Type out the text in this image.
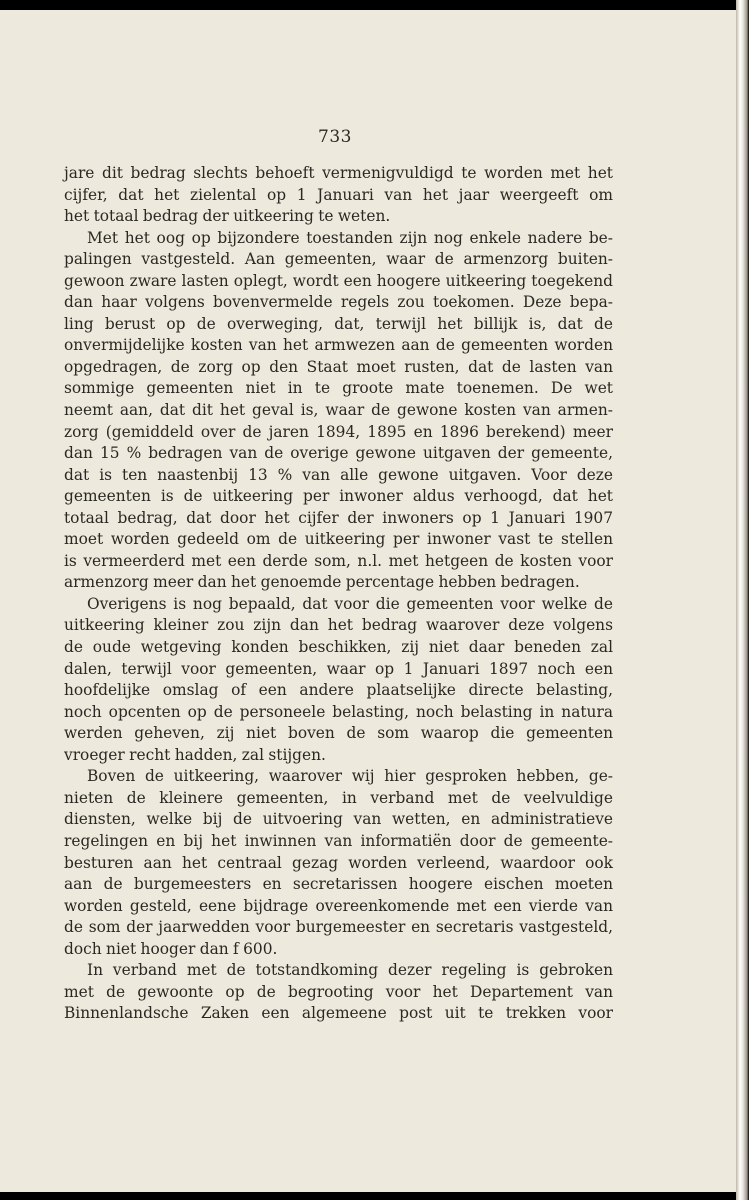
733
jare dit bedrag slechts behoeft vermenigvuldigd te worden met het
cijfer, dat het zielental op 1 Januari van het jaar weergeeft om
het totaal bedrag der uitkeering te weten.
Met het oog op bijzondere toestanden zijn nog enkele nadere be-
palingen vastgesteld. Aan gemeenten, waar de armenzorg buiten-
gewoon zware lasten oplegt, wordt een hoogere uitkeering toegekend
dan haar volgens bovenvermelde regels zou toekomen. Deze bepa-
ling berust op de overweging, dat, terwijl het billijk is, dat de
onvermijdelijke kosten van het armwezen aan de gemeenten worden
opgedragen, de zorg op den Staat moet rusten, dat de lasten van
sommige gemeenten niet in te groote mate toenemen. De wet
neemt aan, dat dit het geval is, waar de gewone kosten van armen-
zorg (gemiddeld over de jaren 1894, 1895 en 1896 berekend) meer
dan 15 % bedragen van de overige gewone uitgaven der gemeente,
dat is ten naastenbij 13 % van alle gewone uitgaven. Voor deze
gemeenten is de uitkeering per inwoner aldus verhoogd, dat het
totaal bedrag, dat door het cijfer der inwoners op 1 Januari 1907
moet worden gedeeld om de uitkeering per inwoner vast te stellen
is vermeerderd met een derde som, n.l. met hetgeen de kosten voor
armenzorg meer dan het genoemde percentage hebben bedragen.
Overigens is nog bepaald, dat voor die gemeenten voor welke de
uitkeering kleiner zou zijn dan het bedrag waarover deze volgens
de oude wetgeving konden beschikken, zij niet daar beneden zal
dalen, terwijl voor gemeenten, waar op 1 Januari 1897 noch een
hoofdelijke omslag of een andere plaatselijke directe belasting,
noch opcenten op de personeele belasting, noch belasting in natura
werden geheven, zij niet boven de som waarop die gemeenten
vroeger recht hadden, zal stijgen.
Boven de uitkeering, waarover wij hier gesproken hebben, ge-
nieten de kleinere gemeenten, in verband met de veelvuldige
diensten, welke bij de uitvoering van wetten, en administratieve
regelingen en bij het inwinnen van informatiën door de gemeente-
besturen aan het centraal gezag worden verleend, waardoor ook
aan de burgemeesters en secretarissen hoogere eischen moeten
worden gesteld, eene bijdrage overeenkomende met een vierde van
de som der jaarwedden voor burgemeester en secretaris vastgesteld,
doch niet hooger dan f 600.
In verband met de totstandkoming dezer regeling is gebroken
met de gewoonte op de begrooting voor het Departement van
Binnenlandsche Zaken een algemeene post uit te trekken voor
